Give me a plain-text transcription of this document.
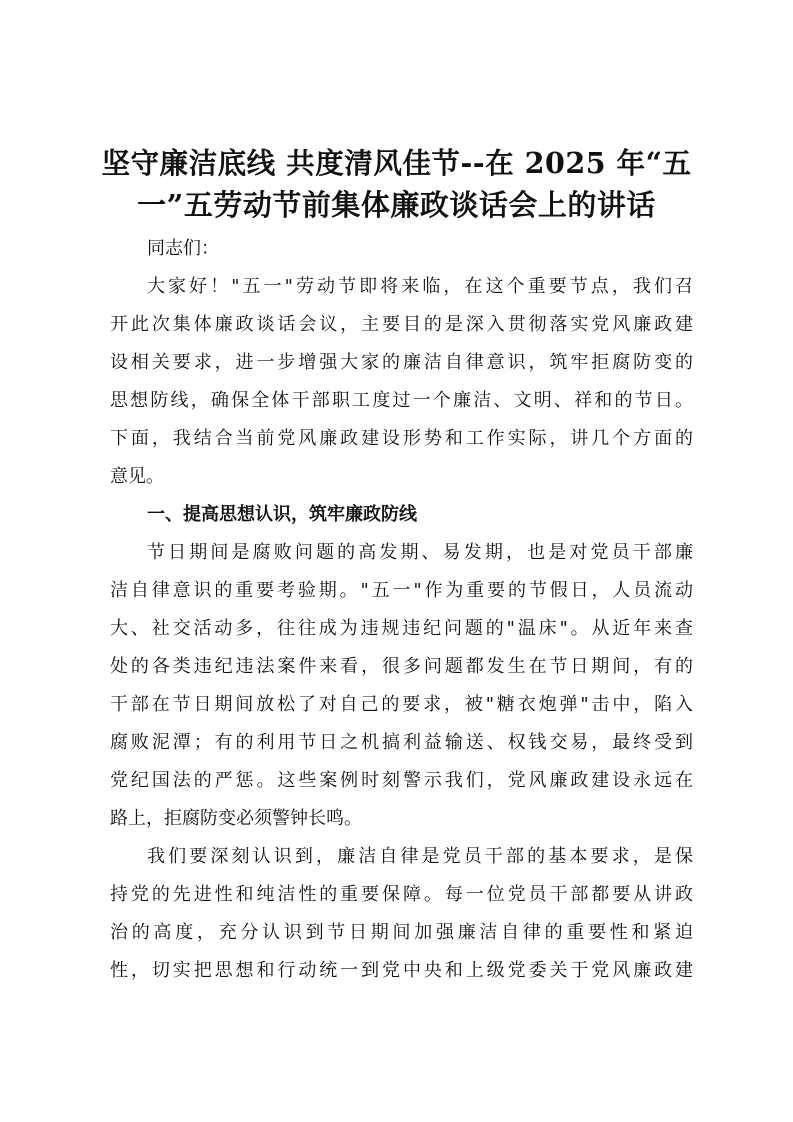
坚守廉洁底线 共度清风佳节--在 2025 年“五
一”五劳动节前集体廉政谈话会上的讲话
同志们：
大家好！"五一"劳动节即将来临，在这个重要节点，我们召
开此次集体廉政谈话会议，主要目的是深入贯彻落实党风廉政建
设相关要求，进一步增强大家的廉洁自律意识，筑牢拒腐防变的
思想防线，确保全体干部职工度过一个廉洁、文明、祥和的节日。
下面，我结合当前党风廉政建设形势和工作实际，讲几个方面的
意见。
一、提高思想认识，筑牢廉政防线
节日期间是腐败问题的高发期、易发期，也是对党员干部廉
洁自律意识的重要考验期。"五一"作为重要的节假日，人员流动
大、社交活动多，往往成为违规违纪问题的"温床"。从近年来查
处的各类违纪违法案件来看，很多问题都发生在节日期间，有的
干部在节日期间放松了对自己的要求，被"糖衣炮弹"击中，陷入
腐败泥潭；有的利用节日之机搞利益输送、权钱交易，最终受到
党纪国法的严惩。这些案例时刻警示我们，党风廉政建设永远在
路上，拒腐防变必须警钟长鸣。
我们要深刻认识到，廉洁自律是党员干部的基本要求，是保
持党的先进性和纯洁性的重要保障。每一位党员干部都要从讲政
治的高度，充分认识到节日期间加强廉洁自律的重要性和紧迫
性，切实把思想和行动统一到党中央和上级党委关于党风廉政建
